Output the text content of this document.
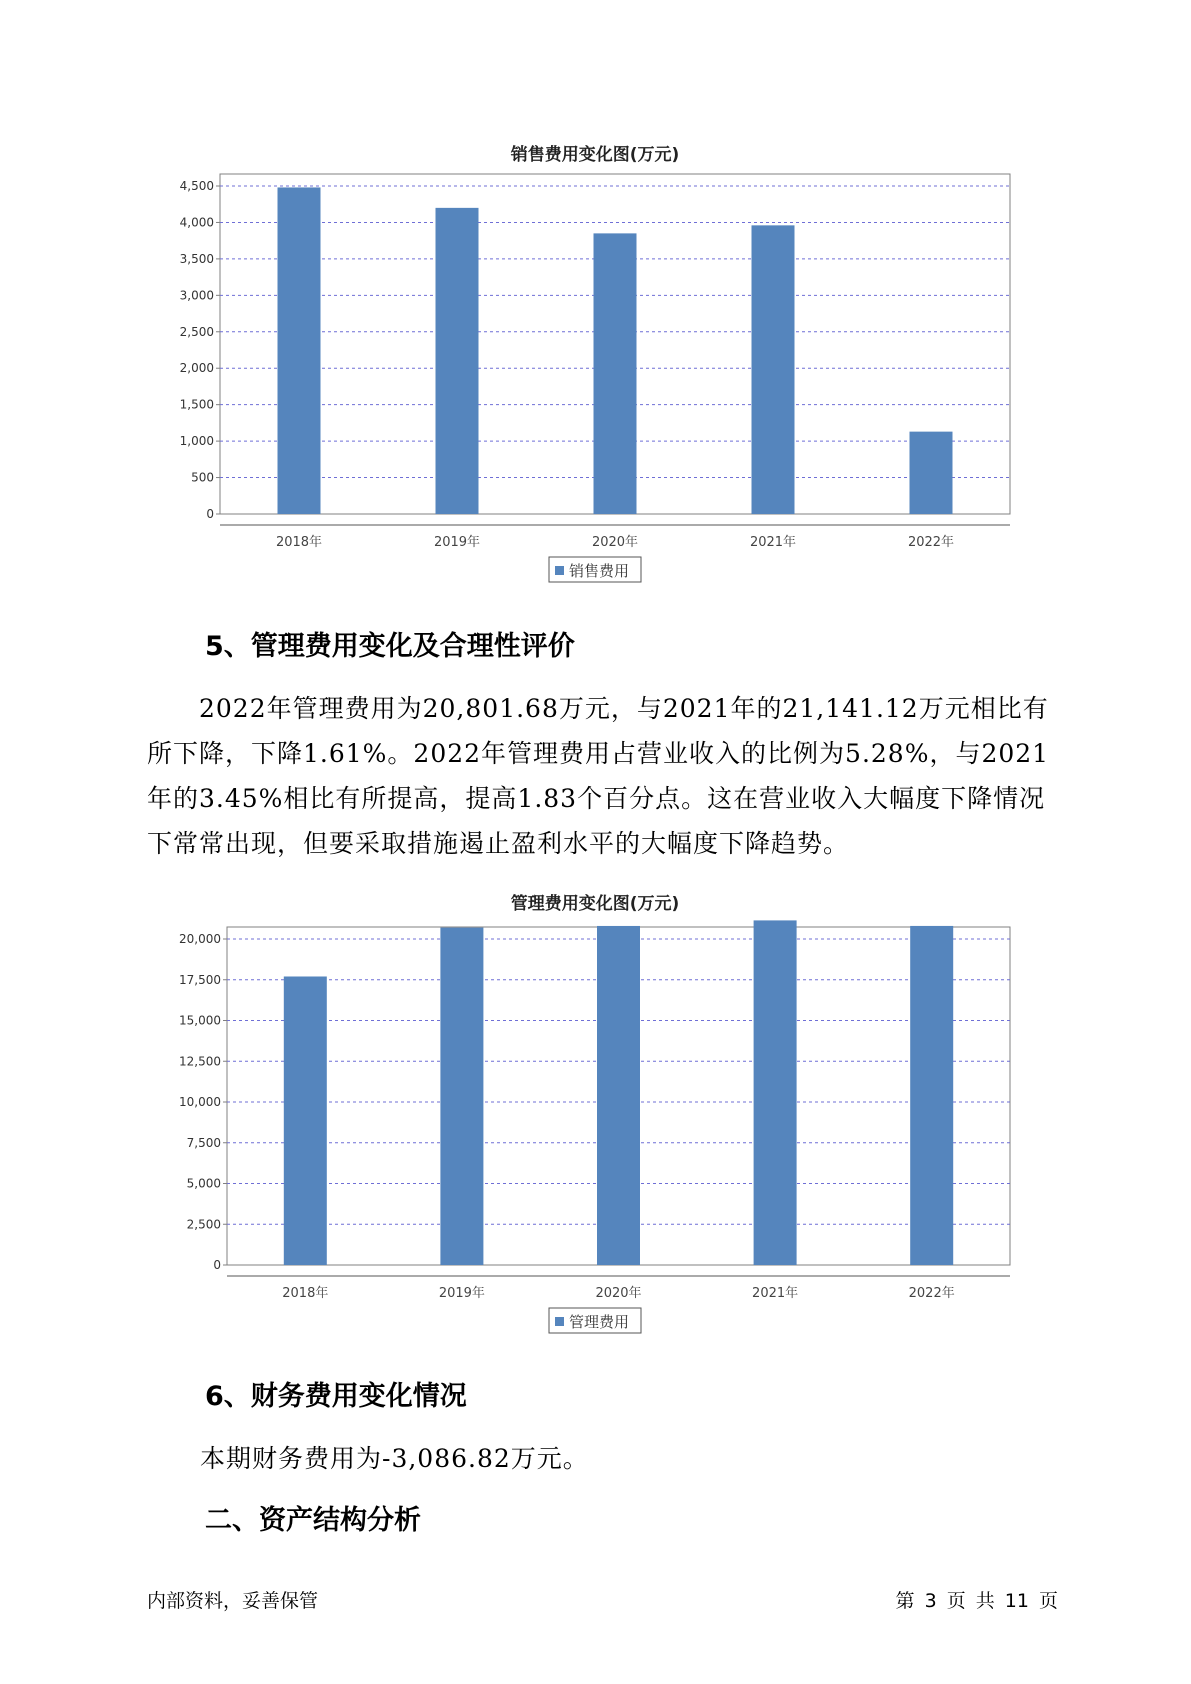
销售费用变化图(万元)
0
500
1,000
1,500
2,000
2,500
3,000
3,500
4,000
4,500
2018年	2019年	2020年	2021年	2022年
销售费用
5、管理费用变化及合理性评价

2022年管理费用为20,801.68万元，与2021年的21,141.12万元相比有所下降，下降1.61%。2022年管理费用占营业收入的比例为5.28%，与2021年的3.45%相比有所提高，提高1.83个百分点。这在营业收入大幅度下降情况下常常出现，但要采取措施遏止盈利水平的大幅度下降趋势。

管理费用变化图(万元)
0
2,500
5,000
7,500
10,000
12,500
15,000
17,500
20,000
2018年	2019年	2020年	2021年	2022年
管理费用
6、财务费用变化情况

本期财务费用为-3,086.82万元。

二、资产结构分析
内部资料，妥善保管	第 3 页 共 11 页
